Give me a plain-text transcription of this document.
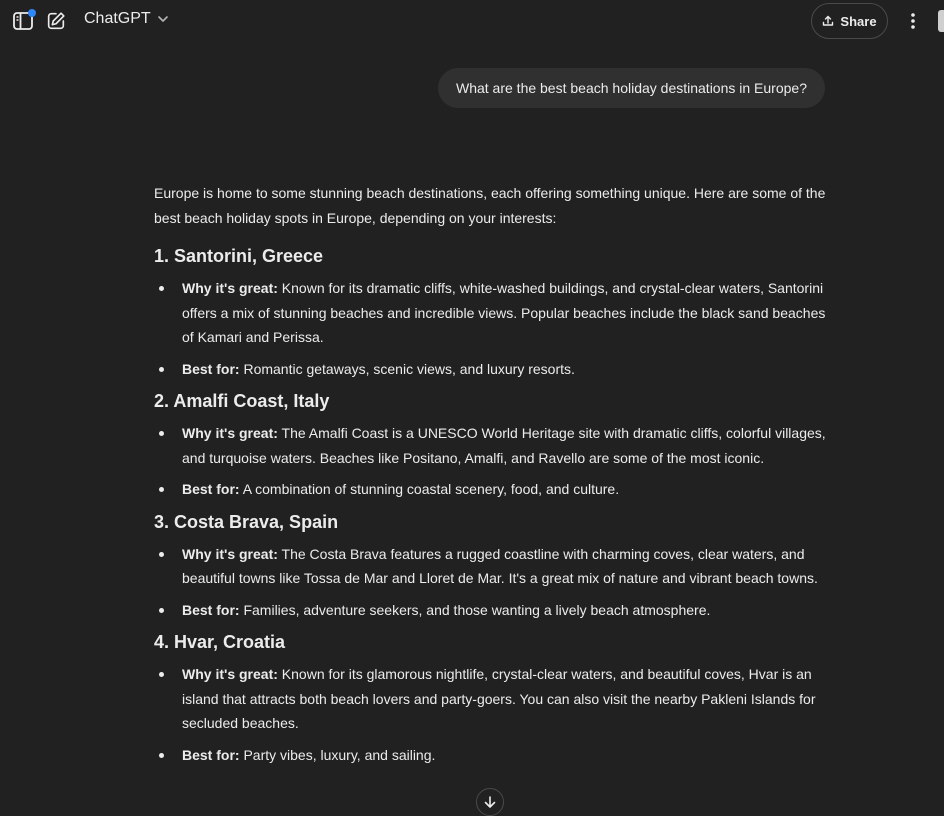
ChatGPT	Share
What are the best beach holiday destinations in Europe?

Europe is home to some stunning beach destinations, each offering something unique. Here are some of the best beach holiday spots in Europe, depending on your interests:

1. Santorini, Greece
Why it's great: Known for its dramatic cliffs, white-washed buildings, and crystal-clear waters, Santorini offers a mix of stunning beaches and incredible views. Popular beaches include the black sand beaches of Kamari and Perissa.
Best for: Romantic getaways, scenic views, and luxury resorts.
2. Amalfi Coast, Italy
Why it's great: The Amalfi Coast is a UNESCO World Heritage site with dramatic cliffs, colorful villages, and turquoise waters. Beaches like Positano, Amalfi, and Ravello are some of the most iconic.
Best for: A combination of stunning coastal scenery, food, and culture.
3. Costa Brava, Spain
Why it's great: The Costa Brava features a rugged coastline with charming coves, clear waters, and beautiful towns like Tossa de Mar and Lloret de Mar. It's a great mix of nature and vibrant beach towns.
Best for: Families, adventure seekers, and those wanting a lively beach atmosphere.
4. Hvar, Croatia
Why it's great: Known for its glamorous nightlife, crystal-clear waters, and beautiful coves, Hvar is an island that attracts both beach lovers and party-goers. You can also visit the nearby Pakleni Islands for secluded beaches.
Best for: Party vibes, luxury, and sailing.
